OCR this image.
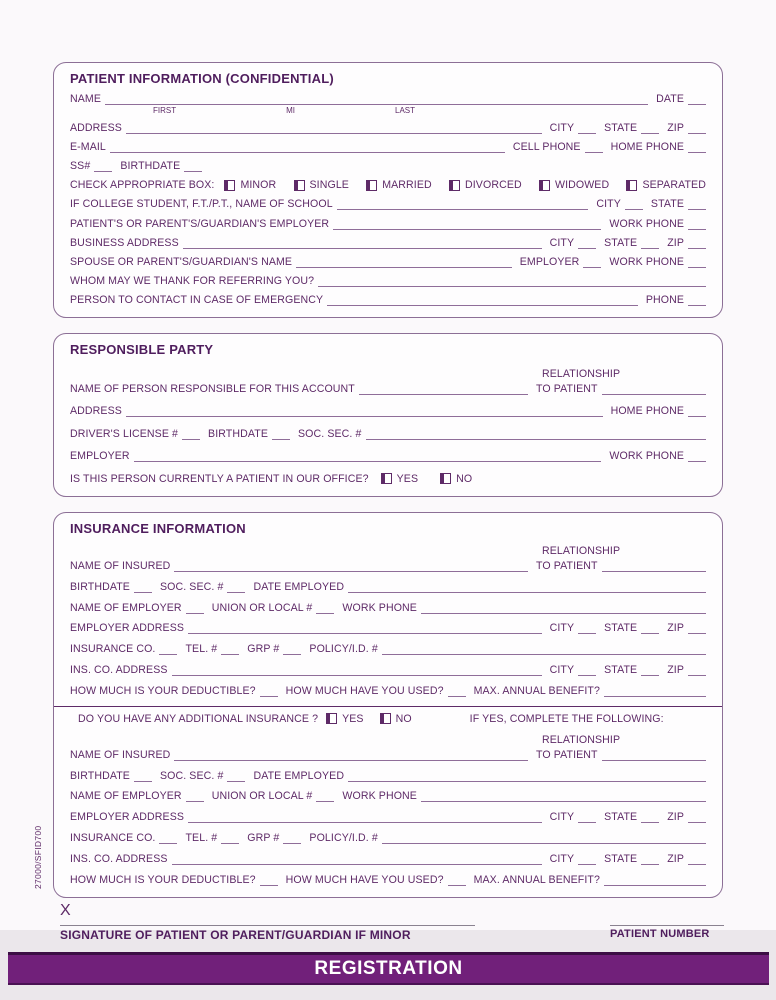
PATIENT INFORMATION (CONFIDENTIAL)
NAME	DATE
FIRST	MI	LAST
ADDRESS	CITY	STATE	ZIP
E-MAIL	CELL PHONE	HOME PHONE
SS#	BIRTHDATE
CHECK APPROPRIATE BOX:	MINOR	SINGLE	MARRIED	DIVORCED	WIDOWED	SEPARATED
IF COLLEGE STUDENT, F.T./P.T., NAME OF SCHOOL	CITY	STATE
PATIENT'S OR PARENT'S/GUARDIAN'S EMPLOYER	WORK PHONE
BUSINESS ADDRESS	CITY	STATE	ZIP
SPOUSE OR PARENT'S/GUARDIAN'S NAME	EMPLOYER	WORK PHONE
WHOM MAY WE THANK FOR REFERRING YOU?
PERSON TO CONTACT IN CASE OF EMERGENCY	PHONE
RESPONSIBLE PARTY
NAME OF PERSON RESPONSIBLE FOR THIS ACCOUNT
RELATIONSHIP
TO PATIENT
ADDRESS	HOME PHONE
DRIVER'S LICENSE #	BIRTHDATE	SOC. SEC. #
EMPLOYER	WORK PHONE
IS THIS PERSON CURRENTLY A PATIENT IN OUR OFFICE?	YES	NO
INSURANCE INFORMATION
NAME OF INSURED
RELATIONSHIP
TO PATIENT
BIRTHDATE	SOC. SEC. #	DATE EMPLOYED
NAME OF EMPLOYER	UNION OR LOCAL #	WORK PHONE
EMPLOYER ADDRESS	CITY	STATE	ZIP
INSURANCE CO.	TEL. #	GRP #	POLICY/I.D. #
INS. CO. ADDRESS	CITY	STATE	ZIP
HOW MUCH IS YOUR DEDUCTIBLE?	HOW MUCH HAVE YOU USED?	MAX. ANNUAL BENEFIT?
DO YOU HAVE ANY ADDITIONAL INSURANCE ?	YES	NO	IF YES, COMPLETE THE FOLLOWING:
NAME OF INSURED
RELATIONSHIP
TO PATIENT
BIRTHDATE	SOC. SEC. #	DATE EMPLOYED
NAME OF EMPLOYER	UNION OR LOCAL #	WORK PHONE
EMPLOYER ADDRESS	CITY	STATE	ZIP
INSURANCE CO.	TEL. #	GRP #	POLICY/I.D. #
INS. CO. ADDRESS	CITY	STATE	ZIP
HOW MUCH IS YOUR DEDUCTIBLE?	HOW MUCH HAVE YOU USED?	MAX. ANNUAL BENEFIT?
27000/SFID700
X
SIGNATURE OF PATIENT OR PARENT/GUARDIAN IF MINOR	PATIENT NUMBER
REGISTRATION
